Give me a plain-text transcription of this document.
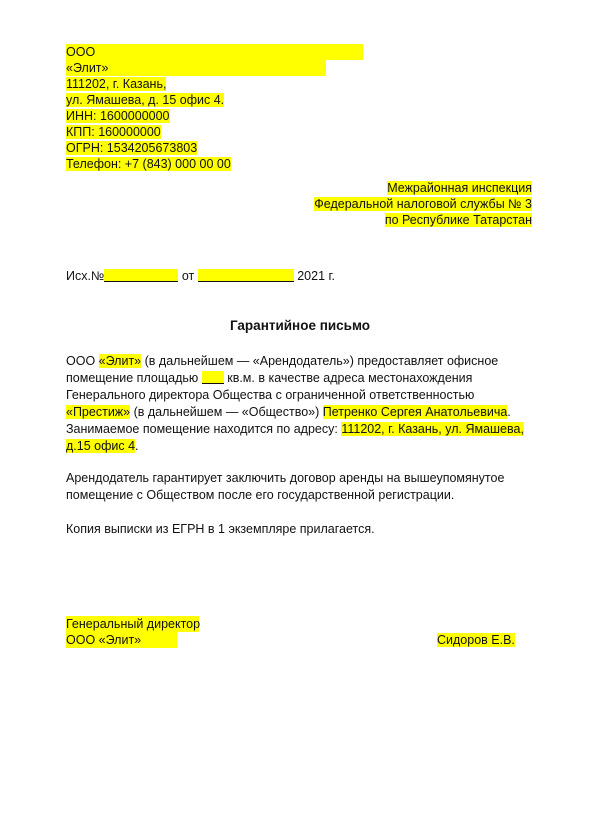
ООО
«Элит»
111202, г. Казань,
ул. Ямашева, д. 15 офис 4.
ИНН: 1600000000
КПП: 160000000
ОГРН: 1534205673803
Телефон: +7 (843) 000 00 00
Межрайонная инспекция
Федеральной налоговой службы № 3
по Республике Татарстан
Исх.№	от	2021 г.
Гарантийное письмо
ООО «Элит» (в дальнейшем — «Арендодатель») предоставляет офисное
помещение площадью кв.м. в качестве адреса местонахождения
Генерального директора Общества с ограниченной ответственностью
«Престиж» (в дальнейшем — «Общество») Петренко Сергея Анатольевича.
Занимаемое помещение находится по адресу: 111202, г. Казань, ул. Ямашева,
д.15 офис 4.
Арендодатель гарантирует заключить договор аренды на вышеупомянутое
помещение с Обществом после его государственной регистрации.
Копия выписки из ЕГРН в 1 экземпляре прилагается.
Генеральный директор
ООО «Элит»	Сидоров Е.В.
